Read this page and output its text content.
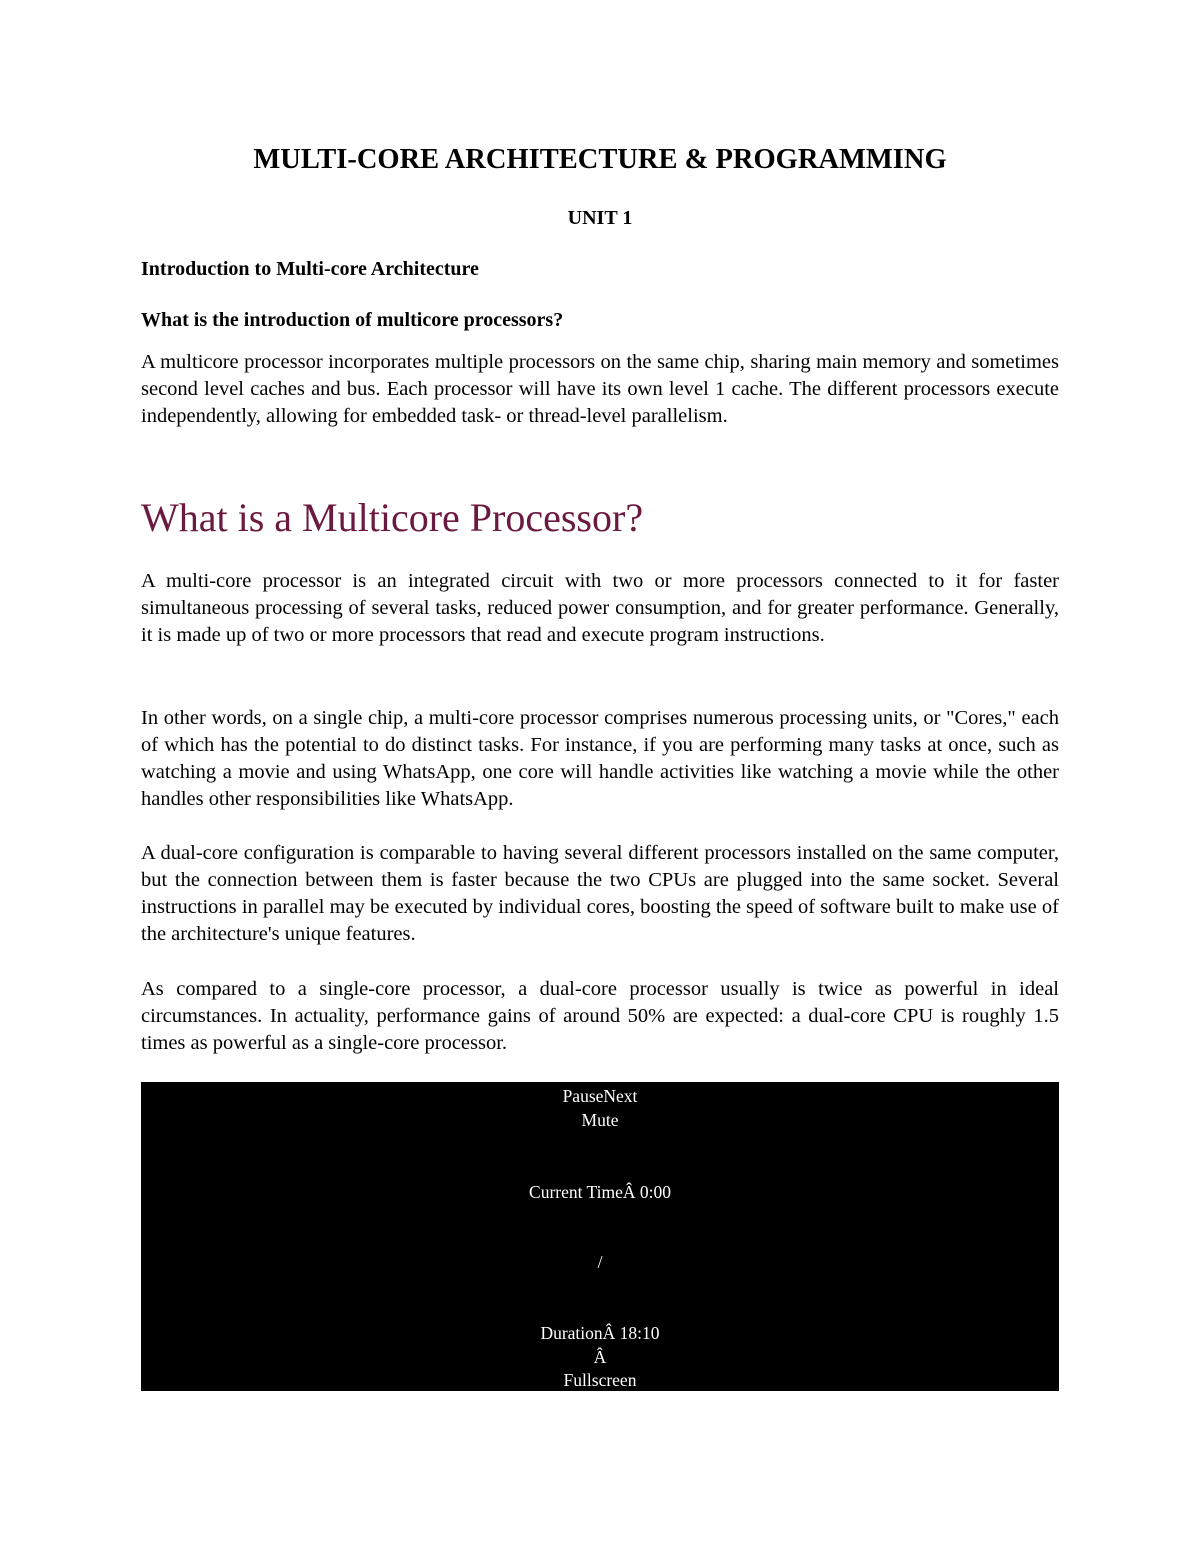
MULTI-CORE ARCHITECTURE & PROGRAMMING
UNIT 1
Introduction to Multi-core Architecture
What is the introduction of multicore processors?

A multicore processor incorporates multiple processors on the same chip, sharing main memory and sometimes second level caches and bus. Each processor will have its own level 1 cache. The different processors execute independently, allowing for embedded task- or thread-level parallelism.

What is a Multicore Processor?

A multi-core processor is an integrated circuit with two or more processors connected to it for faster simultaneous processing of several tasks, reduced power consumption, and for greater performance. Generally, it is made up of two or more processors that read and execute program instructions.

In other words, on a single chip, a multi-core processor comprises numerous processing units, or "Cores," each of which has the potential to do distinct tasks. For instance, if you are performing many tasks at once, such as watching a movie and using WhatsApp, one core will handle activities like watching a movie while the other handles other responsibilities like WhatsApp.

A dual-core configuration is comparable to having several different processors installed on the same computer, but the connection between them is faster because the two CPUs are plugged into the same socket. Several instructions in parallel may be executed by individual cores, boosting the speed of software built to make use of the architecture's unique features.

As compared to a single-core processor, a dual-core processor usually is twice as powerful in ideal circumstances. In actuality, performance gains of around 50% are expected: a dual-core CPU is roughly 1.5 times as powerful as a single-core processor.

PauseNext
Mute
Current TimeÂ 0:00
/
DurationÂ 18:10
Â
Fullscreen
